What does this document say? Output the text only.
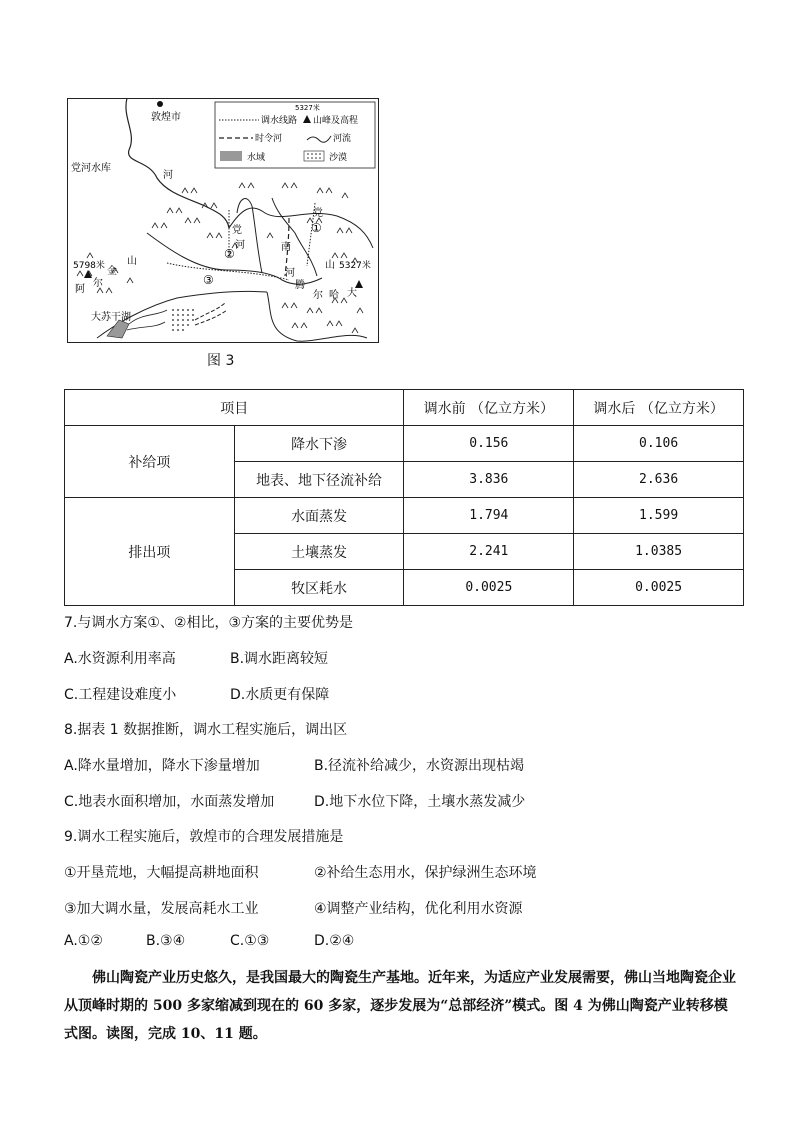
调水线路
5327米
山峰及高程
时令河	河流
水域	沙漠
敦煌市
党河水库
河
大苏干湖
②
③
①
党
河
党
南
河
山	山
金
尔
阿	腾
尔 哈 大
5798米	5327米
图 3
项目		调水前 （亿立方米）	调水后 （亿立方米）
补给项	降水下渗	0.156	0.106
	地表、地下径流补给	3.836	2.636
排出项	水面蒸发	1.794	1.599
	土壤蒸发	2.241	1.0385
	牧区耗水	0.0025	0.0025
7.与调水方案①、②相比，③方案的主要优势是
A.水资源利用率高	B.调水距离较短
C.工程建设难度小	D.水质更有保障
8.据表 1 数据推断，调水工程实施后，调出区
A.降水量增加，降水下渗量增加	B.径流补给减少，水资源出现枯竭
C.地表水面积增加，水面蒸发增加	D.地下水位下降，土壤水蒸发减少
9.调水工程实施后，敦煌市的合理发展措施是
①开垦荒地，大幅提高耕地面积	②补给生态用水，保护绿洲生态环境
③加大调水量，发展高耗水工业	④调整产业结构，优化利用水资源
A.①②	B.③④	C.①③	D.②④
佛山陶瓷产业历史悠久，是我国最大的陶瓷生产基地。近年来，为适应产业发展需要，佛山当地陶瓷企业从顶峰时期的 500 多家缩减到现在的 60 多家，逐步发展为“总部经济”模式。图 4 为佛山陶瓷产业转移模式图。读图，完成 10、11 题。
